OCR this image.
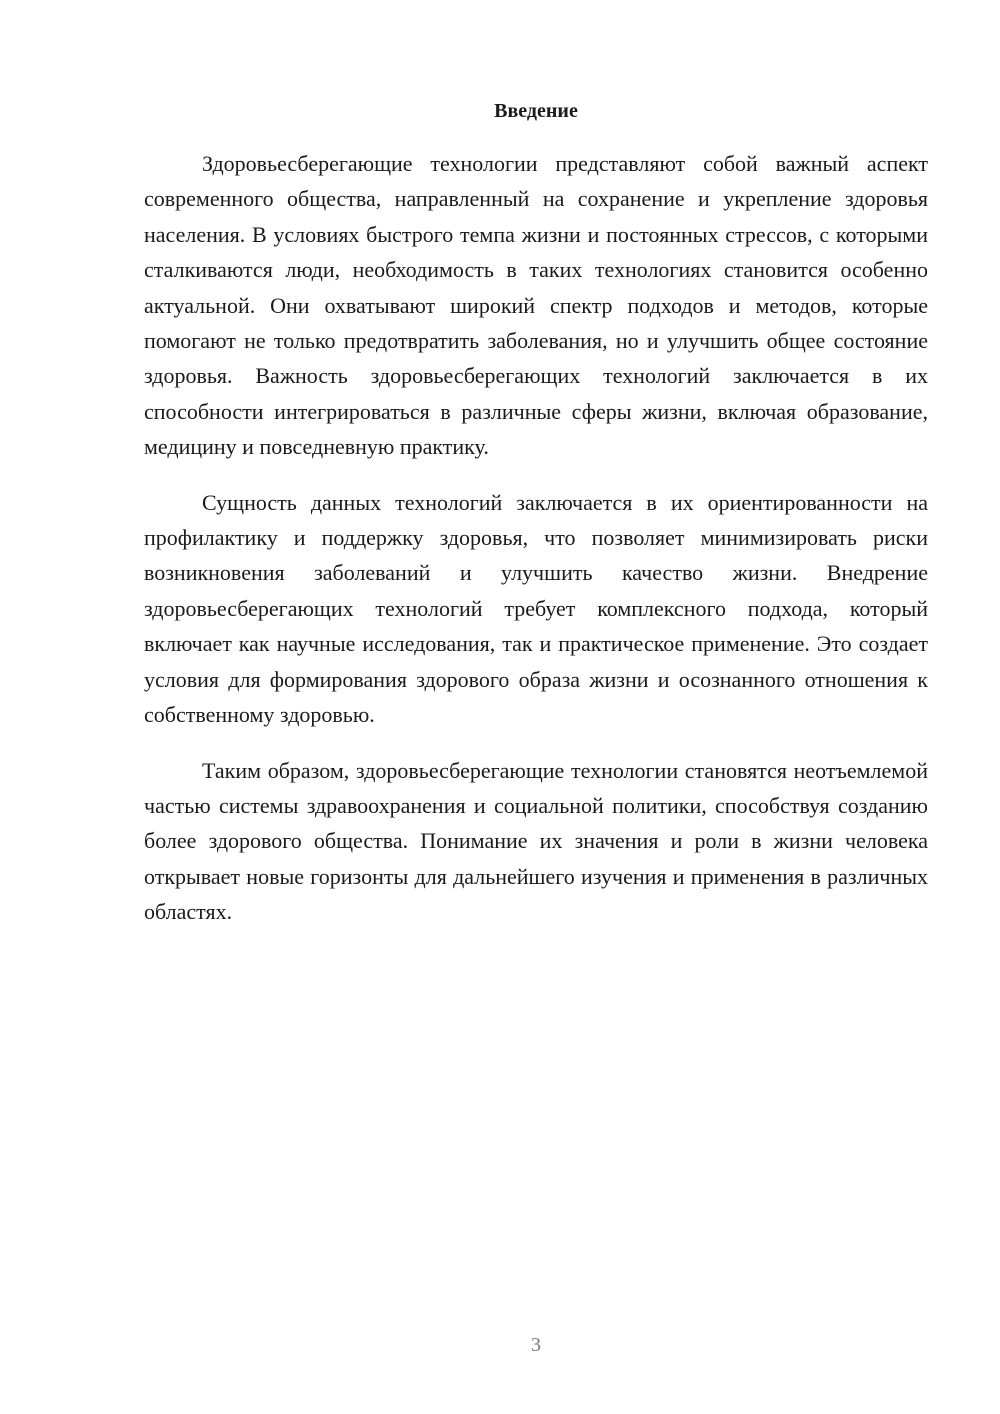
Введение

Здоровьесберегающие технологии представляют собой важный аспект современного общества, направленный на сохранение и укрепление здоровья населения. В условиях быстрого темпа жизни и постоянных стрессов, с которыми сталкиваются люди, необходимость в таких технологиях становится особенно актуальной. Они охватывают широкий спектр подходов и методов, которые помогают не только предотвратить заболевания, но и улучшить общее состояние здоровья. Важность здоровьесберегающих технологий заключается в их способности интегрироваться в различные сферы жизни, включая образование, медицину и повседневную практику.

Сущность данных технологий заключается в их ориентированности на профилактику и поддержку здоровья, что позволяет минимизировать риски возникновения заболеваний и улучшить качество жизни. Внедрение здоровьесберегающих технологий требует комплексного подхода, который включает как научные исследования, так и практическое применение. Это создает условия для формирования здорового образа жизни и осознанного отношения к собственному здоровью.

Таким образом, здоровьесберегающие технологии становятся неотъемлемой частью системы здравоохранения и социальной политики, способствуя созданию более здорового общества. Понимание их значения и роли в жизни человека открывает новые горизонты для дальнейшего изучения и применения в различных областях.

3
